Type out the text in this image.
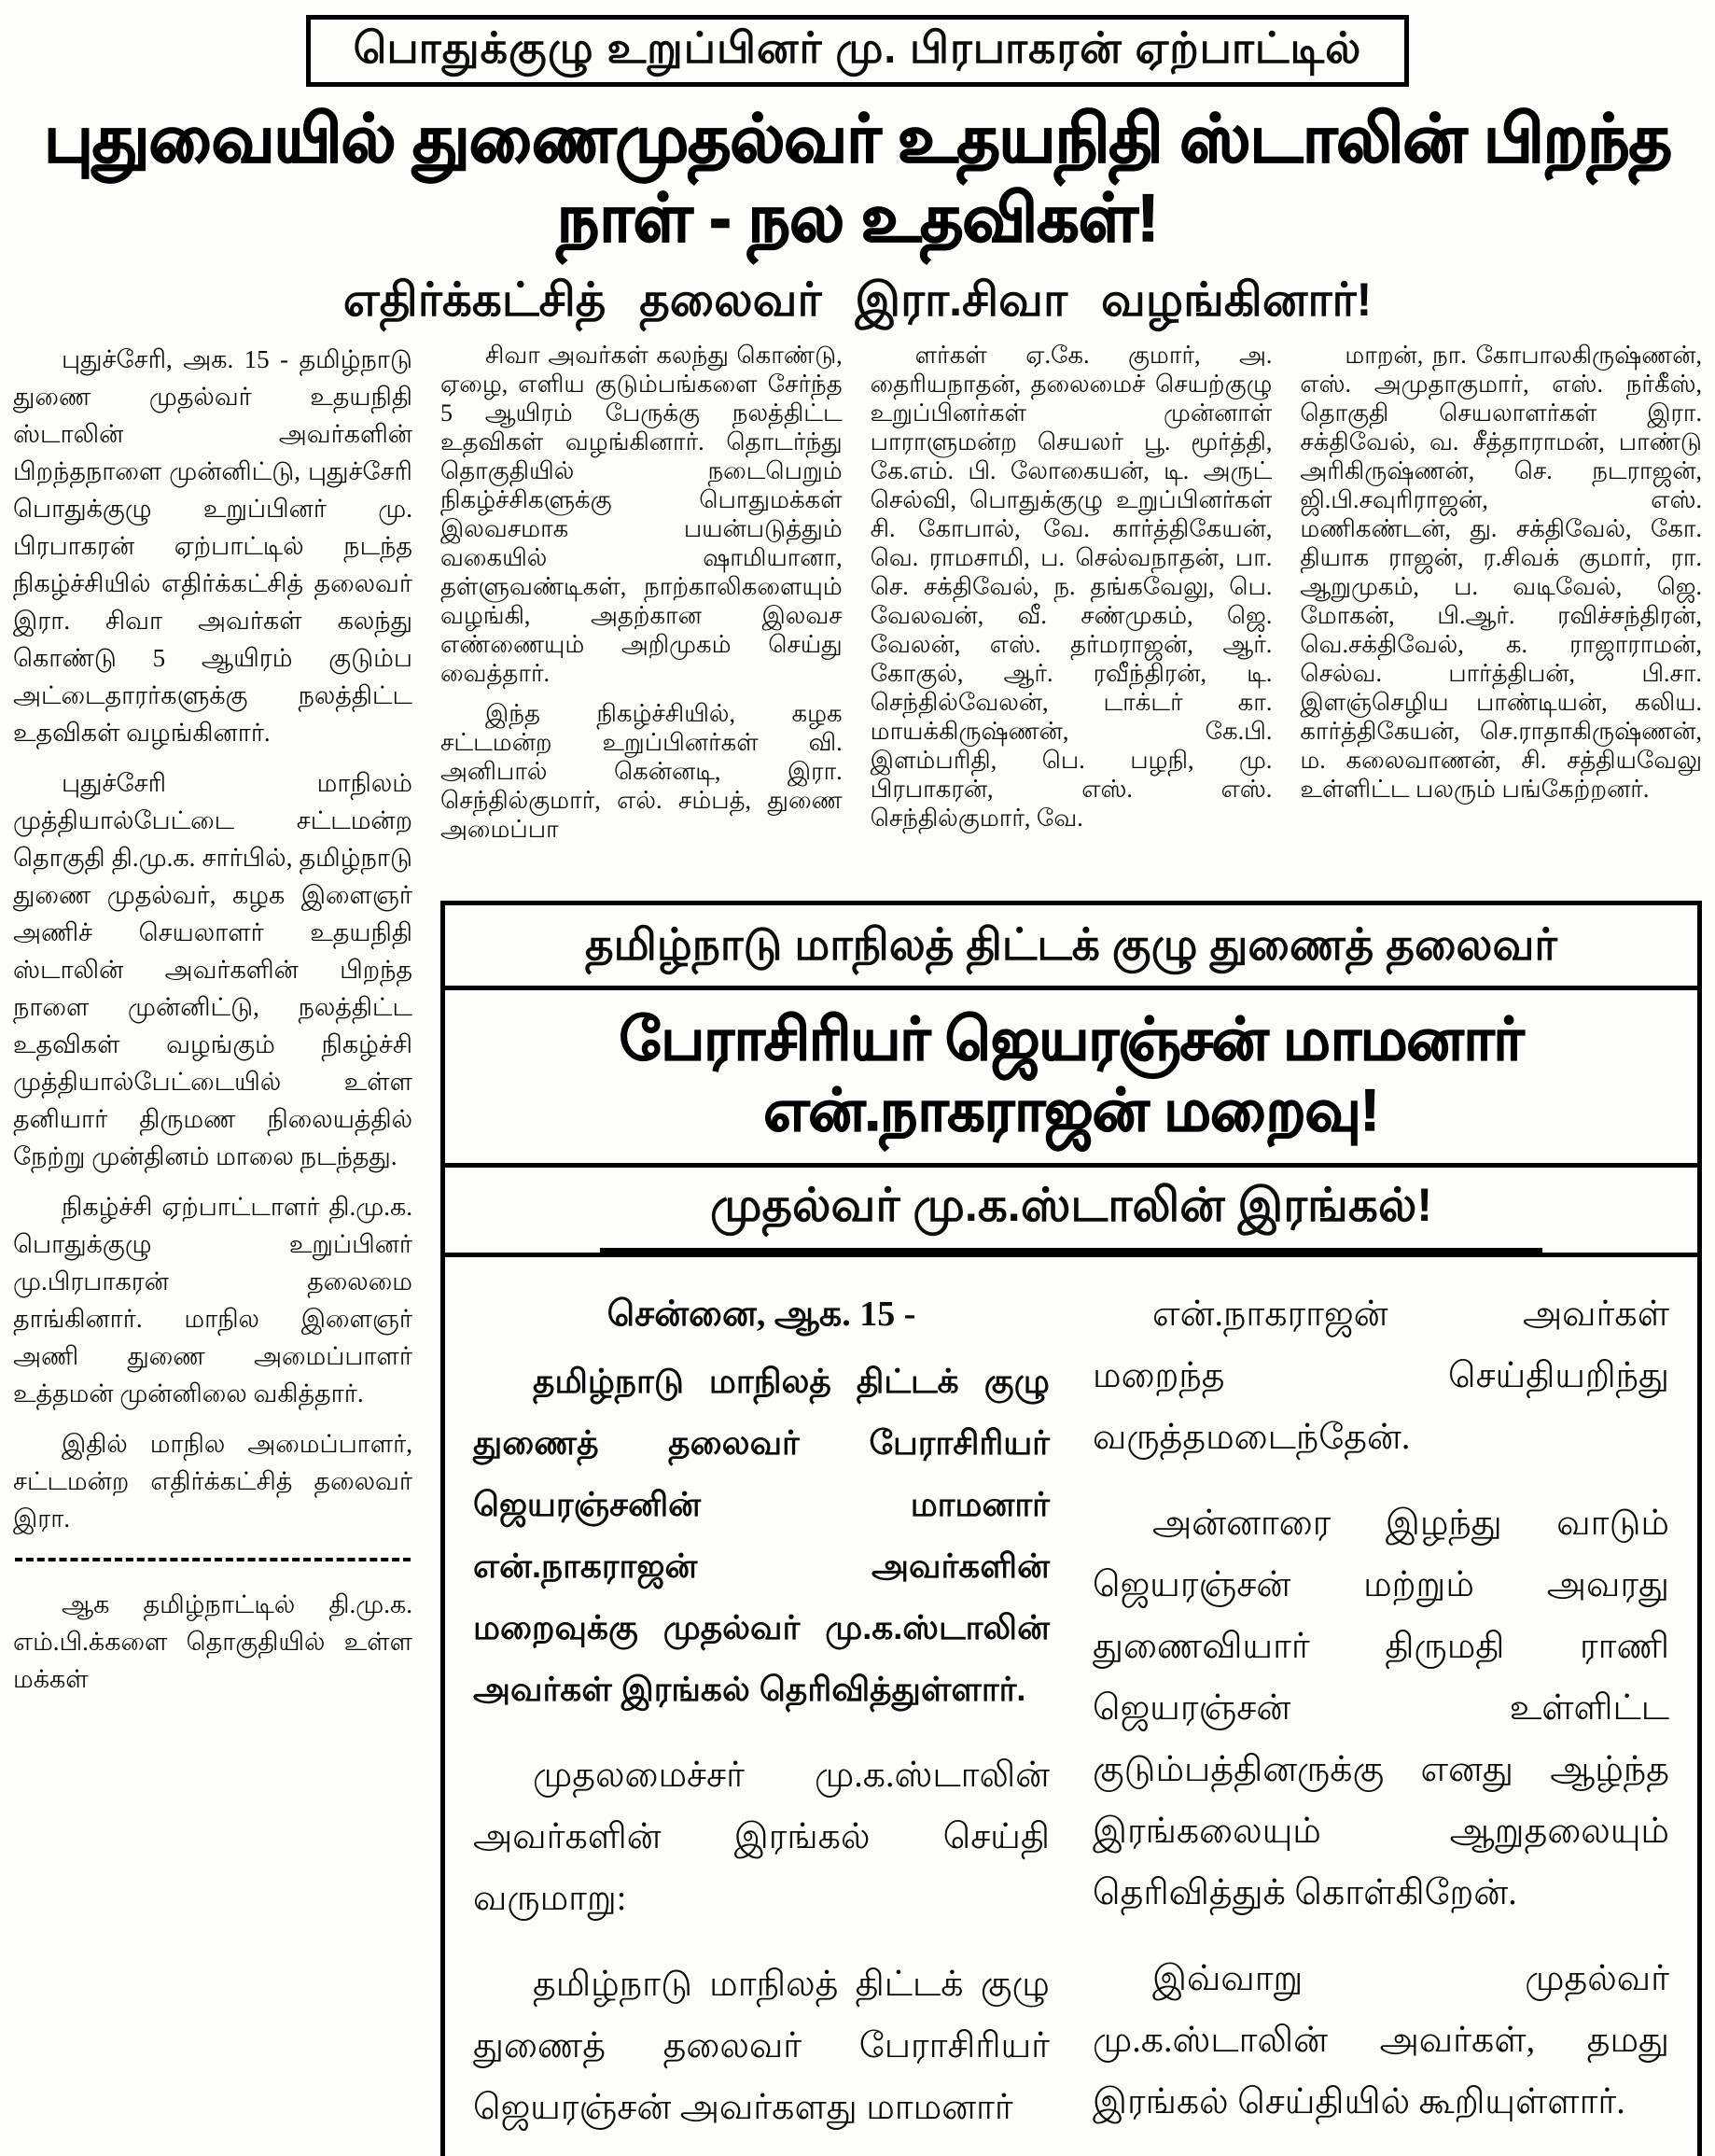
பொதுக்குழு உறுப்பினர் மு. பிரபாகரன் ஏற்பாட்டில்
புதுவையில் துணைமுதல்வர் உதயநிதி ஸ்டாலின் பிறந்த நாள் - நல உதவிகள்!
எதிர்க்கட்சித் தலைவர் இரா.சிவா வழங்கினார்!

புதுச்சேரி, அக. 15 - தமிழ்நாடு துணை முதல்வர் உதயநிதி ஸ்டாலின் அவர்களின் பிறந்தநாளை முன்னிட்டு, புதுச்சேரி பொதுக்குழு உறுப்பினர் மு. பிரபாகரன் ஏற்பாட்டில் நடந்த நிகழ்ச்சியில் எதிர்க்கட்சித் தலைவர் இரா. சிவா அவர்கள் கலந்து கொண்டு 5 ஆயிரம் குடும்ப அட்டைதாரர்களுக்கு நலத்திட்ட உதவிகள் வழங்கினார்.

புதுச்சேரி மாநிலம் முத்தியால்பேட்டை சட்டமன்ற தொகுதி தி.மு.க. சார்பில், தமிழ்நாடு துணை முதல்வர், கழக இளைஞர் அணிச் செயலாளர் உதயநிதி ஸ்டாலின் அவர்களின் பிறந்த நாளை முன்னிட்டு, நலத்திட்ட உதவிகள் வழங்கும் நிகழ்ச்சி முத்தியால்பேட்டையில் உள்ள தனியார் திருமண நிலையத்தில் நேற்று முன்தினம் மாலை நடந்தது.

நிகழ்ச்சி ஏற்பாட்டாளர் தி.மு.க. பொதுக்குழு உறுப்பினர் மு.பிரபாகரன் தலைமை தாங்கினார். மாநில இளைஞர் அணி துணை அமைப்பாளர் உத்தமன் முன்னிலை வகித்தார்.

இதில் மாநில அமைப்பாளர், சட்டமன்ற எதிர்க்கட்சித் தலைவர் இரா.

ஆக தமிழ்நாட்டில் தி.மு.க. எம்.பி.க்களை தொகுதியில் உள்ள மக்கள்

சிவா அவர்கள் கலந்து கொண்டு, ஏழை, எளிய குடும்பங்களை சேர்ந்த 5 ஆயிரம் பேருக்கு நலத்திட்ட உதவிகள் வழங்கினார். தொடர்ந்து தொகுதியில் நடைபெறும் நிகழ்ச்சிகளுக்கு பொதுமக்கள் இலவசமாக பயன்படுத்தும் வகையில் ஷாமியானா, தள்ளுவண்டிகள், நாற்காலிகளையும் வழங்கி, அதற்கான இலவச எண்ணையும் அறிமுகம் செய்து வைத்தார்.

இந்த நிகழ்ச்சியில், கழக சட்டமன்ற உறுப்பினர்கள் வி. அனிபால் கென்னடி, இரா. செந்தில்குமார், எல். சம்பத், துணை அமைப்பா

ளர்கள் ஏ.கே. குமார், அ. தைரியநாதன், தலைமைச் செயற்குழு உறுப்பினர்கள் முன்னாள் பாராளுமன்ற செயலர் பூ. மூர்த்தி, கே.எம். பி. லோகையன், டி. அருட் செல்வி, பொதுக்குழு உறுப்பினர்கள் சி. கோபால், வே. கார்த்திகேயன், வெ. ராமசாமி, ப. செல்வநாதன், பா. செ. சக்திவேல், ந. தங்கவேலு, பெ. வேலவன், வீ. சண்முகம், ஜெ. வேலன், எஸ். தர்மராஜன், ஆர். கோகுல், ஆர். ரவீந்திரன், டி. செந்தில்வேலன், டாக்டர் கா. மாயக்கிருஷ்ணன், கே.பி. இளம்பரிதி, பெ. பழநி, மு. பிரபாகரன், எஸ். எஸ். செந்தில்குமார், வே.

மாறன், நா. கோபாலகிருஷ்ணன், எஸ். அமுதாகுமார், எஸ். நர்கீஸ், தொகுதி செயலாளர்கள் இரா. சக்திவேல், வ. சீத்தாராமன், பாண்டு அரிகிருஷ்ணன், செ. நடராஜன், ஜி.பி.சவுரிராஜன், எஸ். மணிகண்டன், து. சக்திவேல், கோ. தியாக ராஜன், ர.சிவக் குமார், ரா. ஆறுமுகம், ப. வடிவேல், ஜெ. மோகன், பி.ஆர். ரவிச்சந்திரன், வெ.சக்திவேல், க. ராஜாராமன், செல்வ. பார்த்திபன், பி.சா. இளஞ்செழிய பாண்டியன், கலிய. கார்த்திகேயன், செ.ராதாகிருஷ்ணன், ம. கலைவாணன், சி. சத்தியவேலு உள்ளிட்ட பலரும் பங்கேற்றனர்.

தமிழ்நாடு மாநிலத் திட்டக் குழு துணைத் தலைவர்
பேராசிரியர் ஜெயரஞ்சன் மாமனார் என்.நாகராஜன் மறைவு!
முதல்வர் மு.க.ஸ்டாலின் இரங்கல்!

சென்னை, ஆக. 15 -

தமிழ்நாடு மாநிலத் திட்டக் குழு துணைத் தலைவர் பேராசிரியர் ஜெயரஞ்சனின் மாமனார் என்.நாகராஜன் அவர்களின் மறைவுக்கு முதல்வர் மு.க.ஸ்டாலின் அவர்கள் இரங்கல் தெரிவித்துள்ளார்.

முதலமைச்சர் மு.க.ஸ்டாலின் அவர்களின் இரங்கல் செய்தி வருமாறு:

தமிழ்நாடு மாநிலத் திட்டக் குழு துணைத் தலைவர் பேராசிரியர் ஜெயரஞ்சன் அவர்களது மாமனார்

என்.நாகராஜன் அவர்கள் மறைந்த செய்தியறிந்து வருத்தமடைந்தேன்.

அன்னாரை இழந்து வாடும் ஜெயரஞ்சன் மற்றும் அவரது துணைவியார் திருமதி ராணி ஜெயரஞ்சன் உள்ளிட்ட குடும்பத்தினருக்கு எனது ஆழ்ந்த இரங்கலையும் ஆறுதலையும் தெரிவித்துக் கொள்கிறேன்.

இவ்வாறு முதல்வர் மு.க.ஸ்டாலின் அவர்கள், தமது இரங்கல் செய்தியில் கூறியுள்ளார்.
